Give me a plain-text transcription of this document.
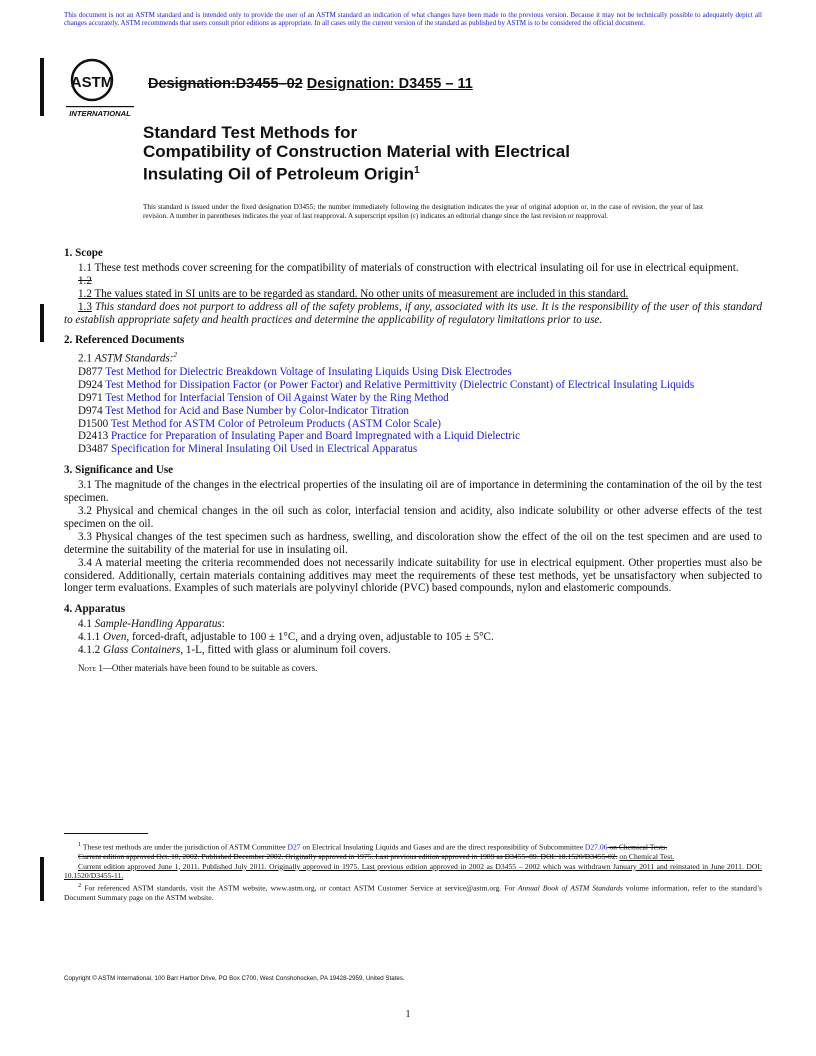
This document is not an ASTM standard and is intended only to provide the user of an ASTM standard an indication of what changes have been made to the previous version. Because it may not be technically possible to adequately depict all changes accurately, ASTM recommends that users consult prior editions as appropriate. In all cases only the current version of the standard as published by ASTM is to be considered the official document.
ASTM
INTERNATIONAL
Designation:D3455–02 Designation: D3455 – 11
Standard Test Methods for
Compatibility of Construction Material with Electrical
Insulating Oil of Petroleum Origin$^1$
This standard is issued under the fixed designation D3455; the number immediately following the designation indicates the year of original adoption or, in the case of revision, the year of last revision. A number in parentheses indicates the year of last reapproval. A superscript epsilon (ε) indicates an editorial change since the last revision or reapproval.

1. Scope

1.1 These test methods cover screening for the compatibility of materials of construction with electrical insulating oil for use in electrical equipment.

1.2

1.2 The values stated in SI units are to be regarded as standard. No other units of measurement are included in this standard.

1.3 This standard does not purport to address all of the safety problems, if any, associated with its use. It is the responsibility of the user of this standard to establish appropriate safety and health practices and determine the applicability of regulatory limitations prior to use.

2. Referenced Documents

2.1 ASTM Standards:$^2$

D877 Test Method for Dielectric Breakdown Voltage of Insulating Liquids Using Disk Electrodes

D924 Test Method for Dissipation Factor (or Power Factor) and Relative Permittivity (Dielectric Constant) of Electrical Insulating Liquids

D971 Test Method for Interfacial Tension of Oil Against Water by the Ring Method

D974 Test Method for Acid and Base Number by Color-Indicator Titration

D1500 Test Method for ASTM Color of Petroleum Products (ASTM Color Scale)

D2413 Practice for Preparation of Insulating Paper and Board Impregnated with a Liquid Dielectric

D3487 Specification for Mineral Insulating Oil Used in Electrical Apparatus

3. Significance and Use

3.1 The magnitude of the changes in the electrical properties of the insulating oil are of importance in determining the contamination of the oil by the test specimen.

3.2 Physical and chemical changes in the oil such as color, interfacial tension and acidity, also indicate solubility or other adverse effects of the test specimen on the oil.

3.3 Physical changes of the test specimen such as hardness, swelling, and discoloration show the effect of the oil on the test specimen and are used to determine the suitability of the material for use in insulating oil.

3.4 A material meeting the criteria recommended does not necessarily indicate suitability for use in electrical equipment. Other properties must also be considered. Additionally, certain materials containing additives may meet the requirements of these test methods, yet be unsatisfactory when subjected to longer term evaluations. Examples of such materials are polyvinyl chloride (PVC) based compounds, nylon and elastomeric compounds.

4. Apparatus

4.1 Sample-Handling Apparatus:

4.1.1 Oven, forced-draft, adjustable to 100 ± 1°C, and a drying oven, adjustable to 105 ± 5°C.

4.1.2 Glass Containers, 1-L, fitted with glass or aluminum foil covers.

Note 1—Other materials have been found to be suitable as covers.

$^1$ These test methods are under the jurisdiction of ASTM Committee D27 on Electrical Insulating Liquids and Gases and are the direct responsibility of Subcommittee D27.06 on Chemical Tests.

Current edition approved Oct. 10, 2002. Published December 2002. Originally approved in 1975. Last previous edition approved in 1989 as D3455–89. DOI: 10.1520/D3455-02. on Chemical Test.

Current edition approved June 1, 2011. Published July 2011. Originally approved in 1975. Last previous edition approved in 2002 as D3455 – 2002 which was withdrawn January 2011 and reinstated in June 2011. DOI: 10.1520/D3455-11.

$^2$ For referenced ASTM standards, visit the ASTM website, www.astm.org, or contact ASTM Customer Service at service@astm.org. For Annual Book of ASTM Standards volume information, refer to the standard’s Document Summary page on the ASTM website.

Copyright © ASTM International, 100 Barr Harbor Drive, PO Box C700, West Conshohocken, PA 19428-2959, United States.
1
